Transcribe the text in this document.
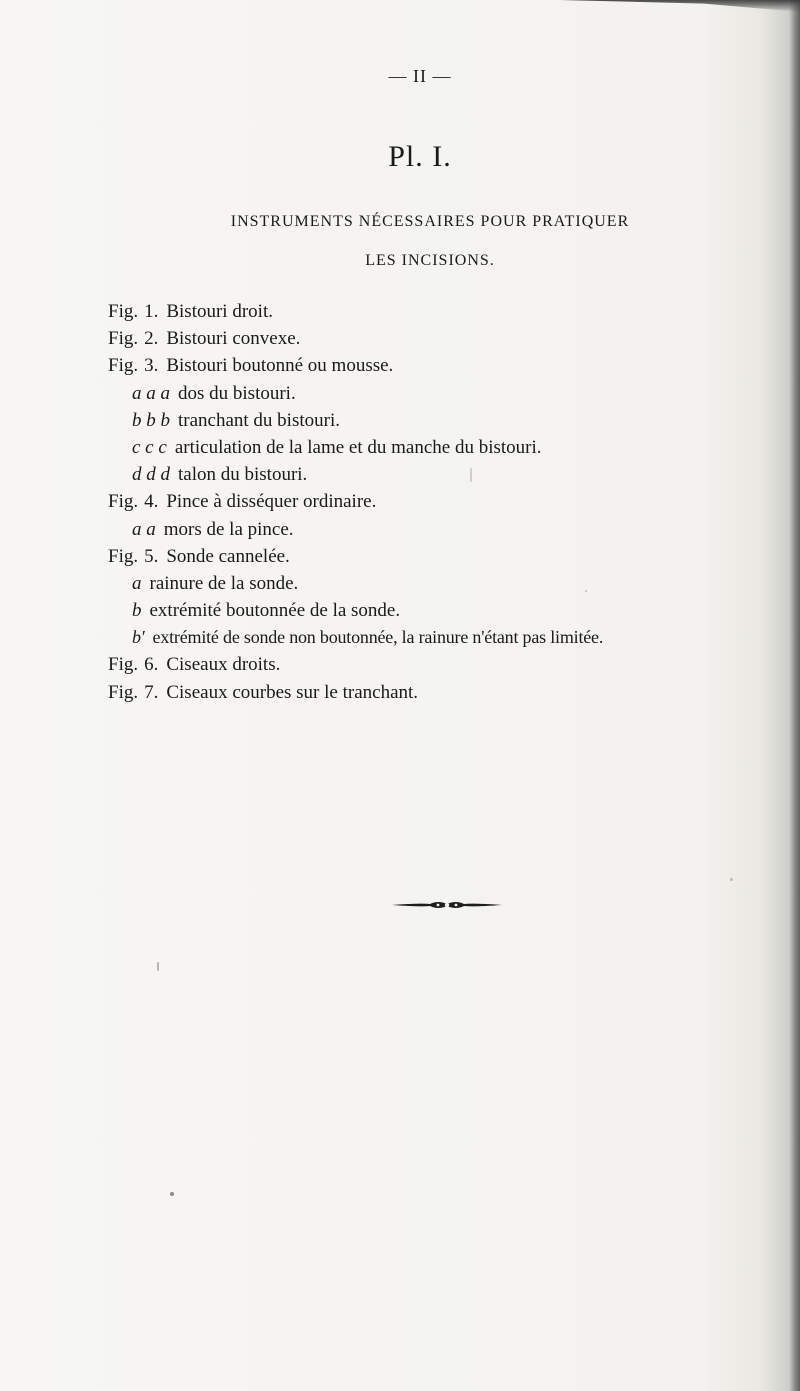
— II —
Pl. I.
INSTRUMENTS NÉCESSAIRES POUR PRATIQUER
LES INCISIONS.
Fig. 1. Bistouri droit.
Fig. 2. Bistouri convexe.
Fig. 3. Bistouri boutonné ou mousse.
a a a dos du bistouri.
b b b tranchant du bistouri.
c c c articulation de la lame et du manche du bistouri.
d d d talon du bistouri.
Fig. 4. Pince à disséquer ordinaire.
a a mors de la pince.
Fig. 5. Sonde cannelée.
a rainure de la sonde.
b extrémité boutonnée de la sonde.
b′ extrémité de sonde non boutonnée, la rainure n'étant pas limitée.
Fig. 6. Ciseaux droits.
Fig. 7. Ciseaux courbes sur le tranchant.
